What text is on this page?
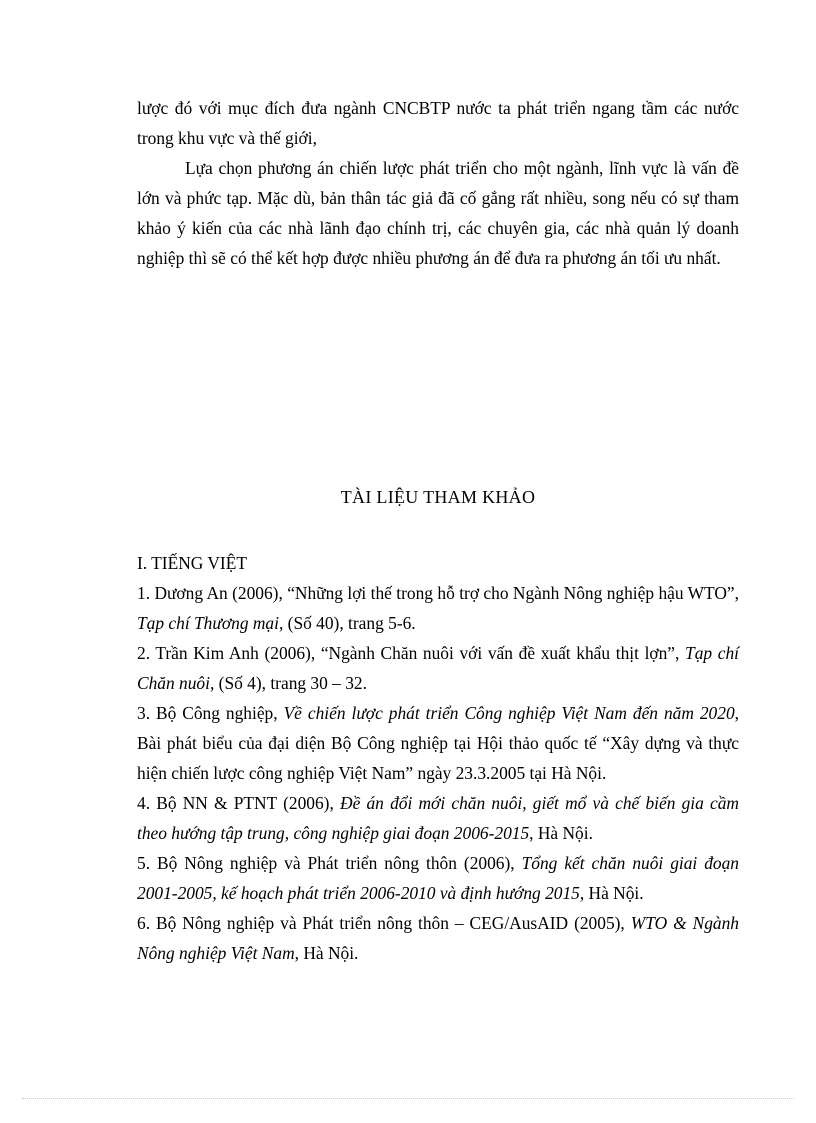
lược đó với mục đích đưa ngành CNCBTP nước ta phát triển ngang tầm các nước trong khu vực và thế giới,

Lựa chọn phương án chiến lược phát triển cho một ngành, lĩnh vực là vấn đề lớn và phức tạp. Mặc dù, bản thân tác giả đã cố gắng rất nhiều, song nếu có sự tham khảo ý kiến của các nhà lãnh đạo chính trị, các chuyên gia, các nhà quản lý doanh nghiệp thì sẽ có thể kết hợp được nhiều phương án để đưa ra phương án tối ưu nhất.

TÀI LIỆU THAM KHẢO

I. TIẾNG VIỆT

1. Dương An (2006), “Những lợi thế trong hỗ trợ cho Ngành Nông nghiệp hậu WTO”, Tạp chí Thương mại, (Số 40), trang 5-6.

2. Trần Kim Anh (2006), “Ngành Chăn nuôi với vấn đề xuất khẩu thịt lợn”, Tạp chí Chăn nuôi, (Số 4), trang 30 – 32.

3. Bộ Công nghiệp, Về chiến lược phát triển Công nghiệp Việt Nam đến năm 2020, Bài phát biểu của đại diện Bộ Công nghiệp tại Hội thảo quốc tế “Xây dựng và thực hiện chiến lược công nghiệp Việt Nam” ngày 23.3.2005 tại Hà Nội.

4. Bộ NN & PTNT (2006), Đề án đổi mới chăn nuôi, giết mổ và chế biến gia cầm theo hướng tập trung, công nghiệp giai đoạn 2006-2015, Hà Nội.

5. Bộ Nông nghiệp và Phát triển nông thôn (2006), Tổng kết chăn nuôi giai đoạn 2001-2005, kế hoạch phát triển 2006-2010 và định hướng 2015, Hà Nội.

6. Bộ Nông nghiệp và Phát triển nông thôn – CEG/AusAID (2005), WTO & Ngành Nông nghiệp Việt Nam, Hà Nội.
